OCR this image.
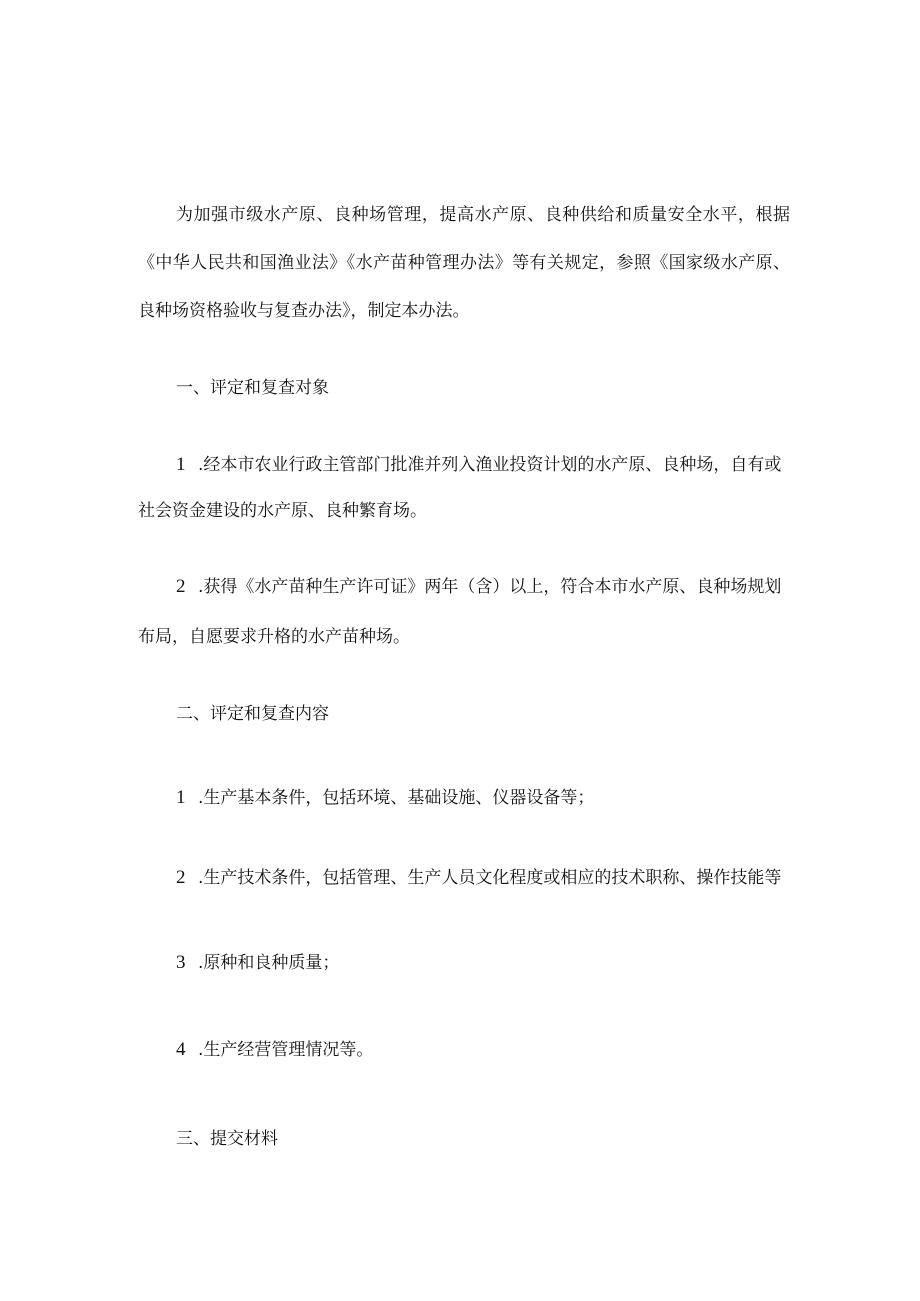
为加强市级水产原、良种场管理，提高水产原、良种供给和质量安全水平，根据
《中华人民共和国渔业法》《水产苗种管理办法》等有关规定，参照《国家级水产原、
良种场资格验收与复查办法》，制定本办法。
一、评定和复查对象
1 .经本市农业行政主管部门批准并列入渔业投资计划的水产原、良种场，自有或
社会资金建设的水产原、良种繁育场。
2 .获得《水产苗种生产许可证》两年（含）以上，符合本市水产原、良种场规划
布局，自愿要求升格的水产苗种场。
二、评定和复查内容
1 .生产基本条件，包括环境、基础设施、仪器设备等；
2 .生产技术条件，包括管理、生产人员文化程度或相应的技术职称、操作技能等
3 .原种和良种质量；
4 .生产经营管理情况等。
三、提交材料
